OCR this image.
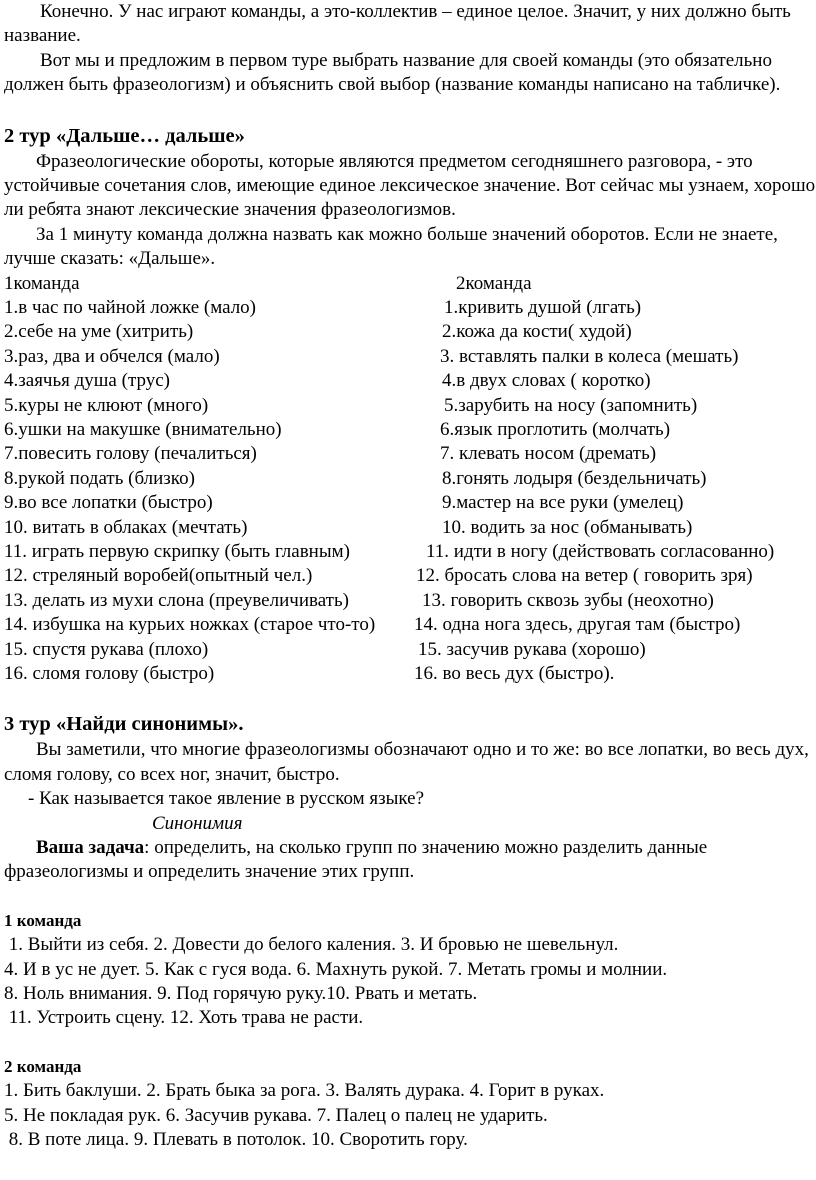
Конечно. У нас играют команды, а это-коллектив – единое целое. Значит, у них должно быть название.

Вот мы и предложим в первом туре выбрать название для своей команды (это обязательно должен быть фразеологизм) и объяснить свой выбор (название команды написано на табличке).

2 тур «Дальше… дальше»

Фразеологические обороты, которые являются предметом сегодняшнего разговора, - это устойчивые сочетания слов, имеющие единое лексическое значение. Вот сейчас мы узнаем, хорошо ли ребята знают лексические значения фразеологизмов.

За 1 минуту команда должна назвать как можно больше значений оборотов. Если не знаете, лучше сказать: «Дальше».

1команда	2команда
1.в час по чайной ложке (мало)	1.кривить душой (лгать)
2.себе на уме (хитрить)	2.кожа да кости( худой)
3.раз, два и обчелся (мало)	3. вставлять палки в колеса (мешать)
4.заячья душа (трус)	4.в двух словах ( коротко)
5.куры не клюют (много)	5.зарубить на носу (запомнить)
6.ушки на макушке (внимательно)	6.язык проглотить (молчать)
7.повесить голову (печалиться)	7. клевать носом (дремать)
8.рукой подать (близко)	8.гонять лодыря (бездельничать)
9.во все лопатки (быстро)	9.мастер на все руки (умелец)
10. витать в облаках (мечтать)	10. водить за нос (обманывать)
11. играть первую скрипку (быть главным)	11. идти в ногу (действовать согласованно)
12. стреляный воробей(опытный чел.)	12. бросать слова на ветер ( говорить зря)
13. делать из мухи слона (преувеличивать)	13. говорить сквозь зубы (неохотно)
14. избушка на курьих ножках (старое что-то) 14. одна нога здесь, другая там (быстро)
15. спустя рукава (плохо)	15. засучив рукава (хорошо)
16. сломя голову (быстро)	16. во весь дух (быстро).
3 тур «Найди синонимы».

Вы заметили, что многие фразеологизмы обозначают одно и то же: во все лопатки, во весь дух, сломя голову, со всех ног, значит, быстро.

- Как называется такое явление в русском языке?

Синонимия

Ваша задача: определить, на сколько групп по значению можно разделить данные фразеологизмы и определить значение этих групп.

1 команда

1. Выйти из себя. 2. Довести до белого каления. 3. И бровью не шевельнул.

4. И в ус не дует. 5. Как с гуся вода. 6. Махнуть рукой. 7. Метать громы и молнии.

8. Ноль внимания. 9. Под горячую руку.10. Рвать и метать.

11. Устроить сцену. 12. Хоть трава не расти.

2 команда

1. Бить баклуши. 2. Брать быка за рога. 3. Валять дурака. 4. Горит в руках.

5. Не покладая рук. 6. Засучив рукава. 7. Палец о палец не ударить.

8. В поте лица. 9. Плевать в потолок. 10. Своротить гору.
